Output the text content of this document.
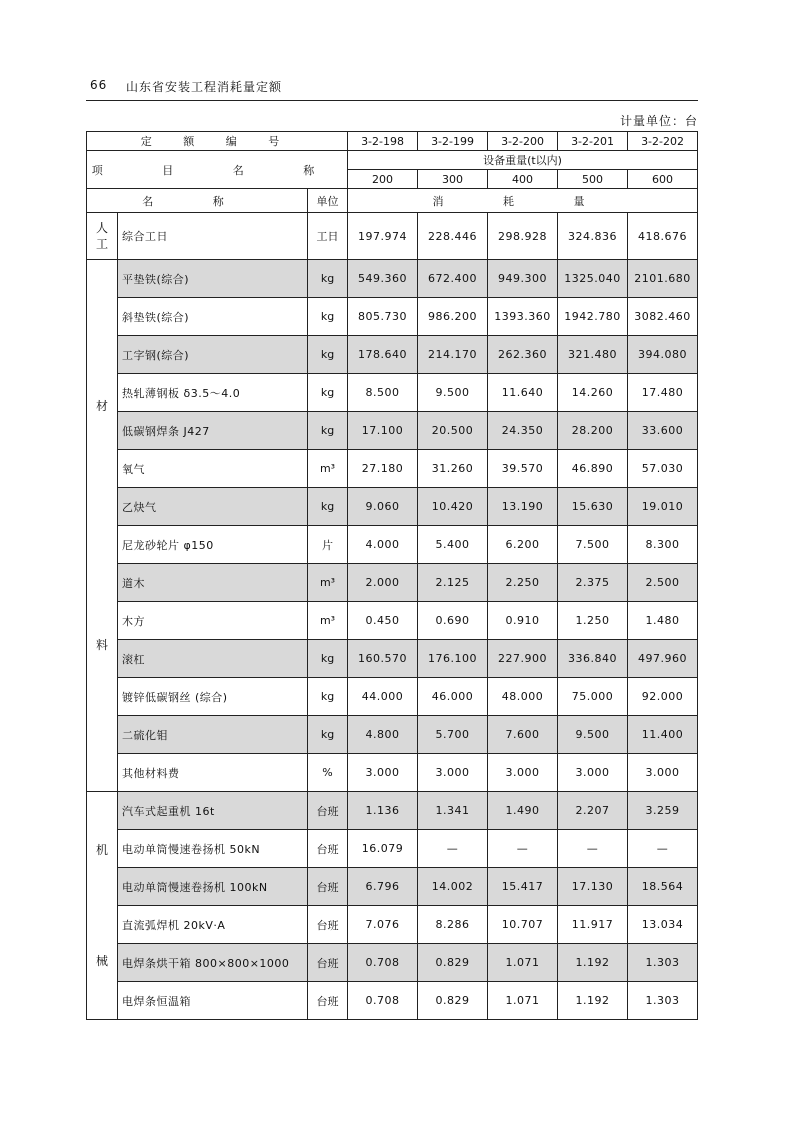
66 山东省安装工程消耗量定额
计量单位：台
定 额 编 号			3-2-198	3-2-199	3-2-200	3-2-201	3-2-202
项 目 名 称			设备重量(t以内)				
			200	300	400	500	600
名 称		单位	消 耗 量				

人
工	综合工日	工日	197.974	228.446	298.928	324.836	418.676

材
料	平垫铁(综合)	kg	549.360	672.400	949.300	1325.040	2101.680
	斜垫铁(综合)	kg	805.730	986.200	1393.360	1942.780	3082.460
	工字钢(综合)	kg	178.640	214.170	262.360	321.480	394.080
	热轧薄钢板 δ3.5～4.0	kg	8.500	9.500	11.640	14.260	17.480
	低碳钢焊条 J427	kg	17.100	20.500	24.350	28.200	33.600
	氧气	m³	27.180	31.260	39.570	46.890	57.030
	乙炔气	kg	9.060	10.420	13.190	15.630	19.010
	尼龙砂轮片 φ150	片	4.000	5.400	6.200	7.500	8.300
	道木	m³	2.000	2.125	2.250	2.375	2.500
	木方	m³	0.450	0.690	0.910	1.250	1.480
	滚杠	kg	160.570	176.100	227.900	336.840	497.960
	镀锌低碳钢丝 (综合)	kg	44.000	46.000	48.000	75.000	92.000
	二硫化钼	kg	4.800	5.700	7.600	9.500	11.400
	其他材料费	%	3.000	3.000	3.000	3.000	3.000

机
械	汽车式起重机 16t	台班	1.136	1.341	1.490	2.207	3.259
	电动单筒慢速卷扬机 50kN	台班	16.079	—	—	—	—
	电动单筒慢速卷扬机 100kN	台班	6.796	14.002	15.417	17.130	18.564
	直流弧焊机 20kV·A	台班	7.076	8.286	10.707	11.917	13.034
	电焊条烘干箱 800×800×1000	台班	0.708	0.829	1.071	1.192	1.303
	电焊条恒温箱	台班	0.708	0.829	1.071	1.192	1.303
